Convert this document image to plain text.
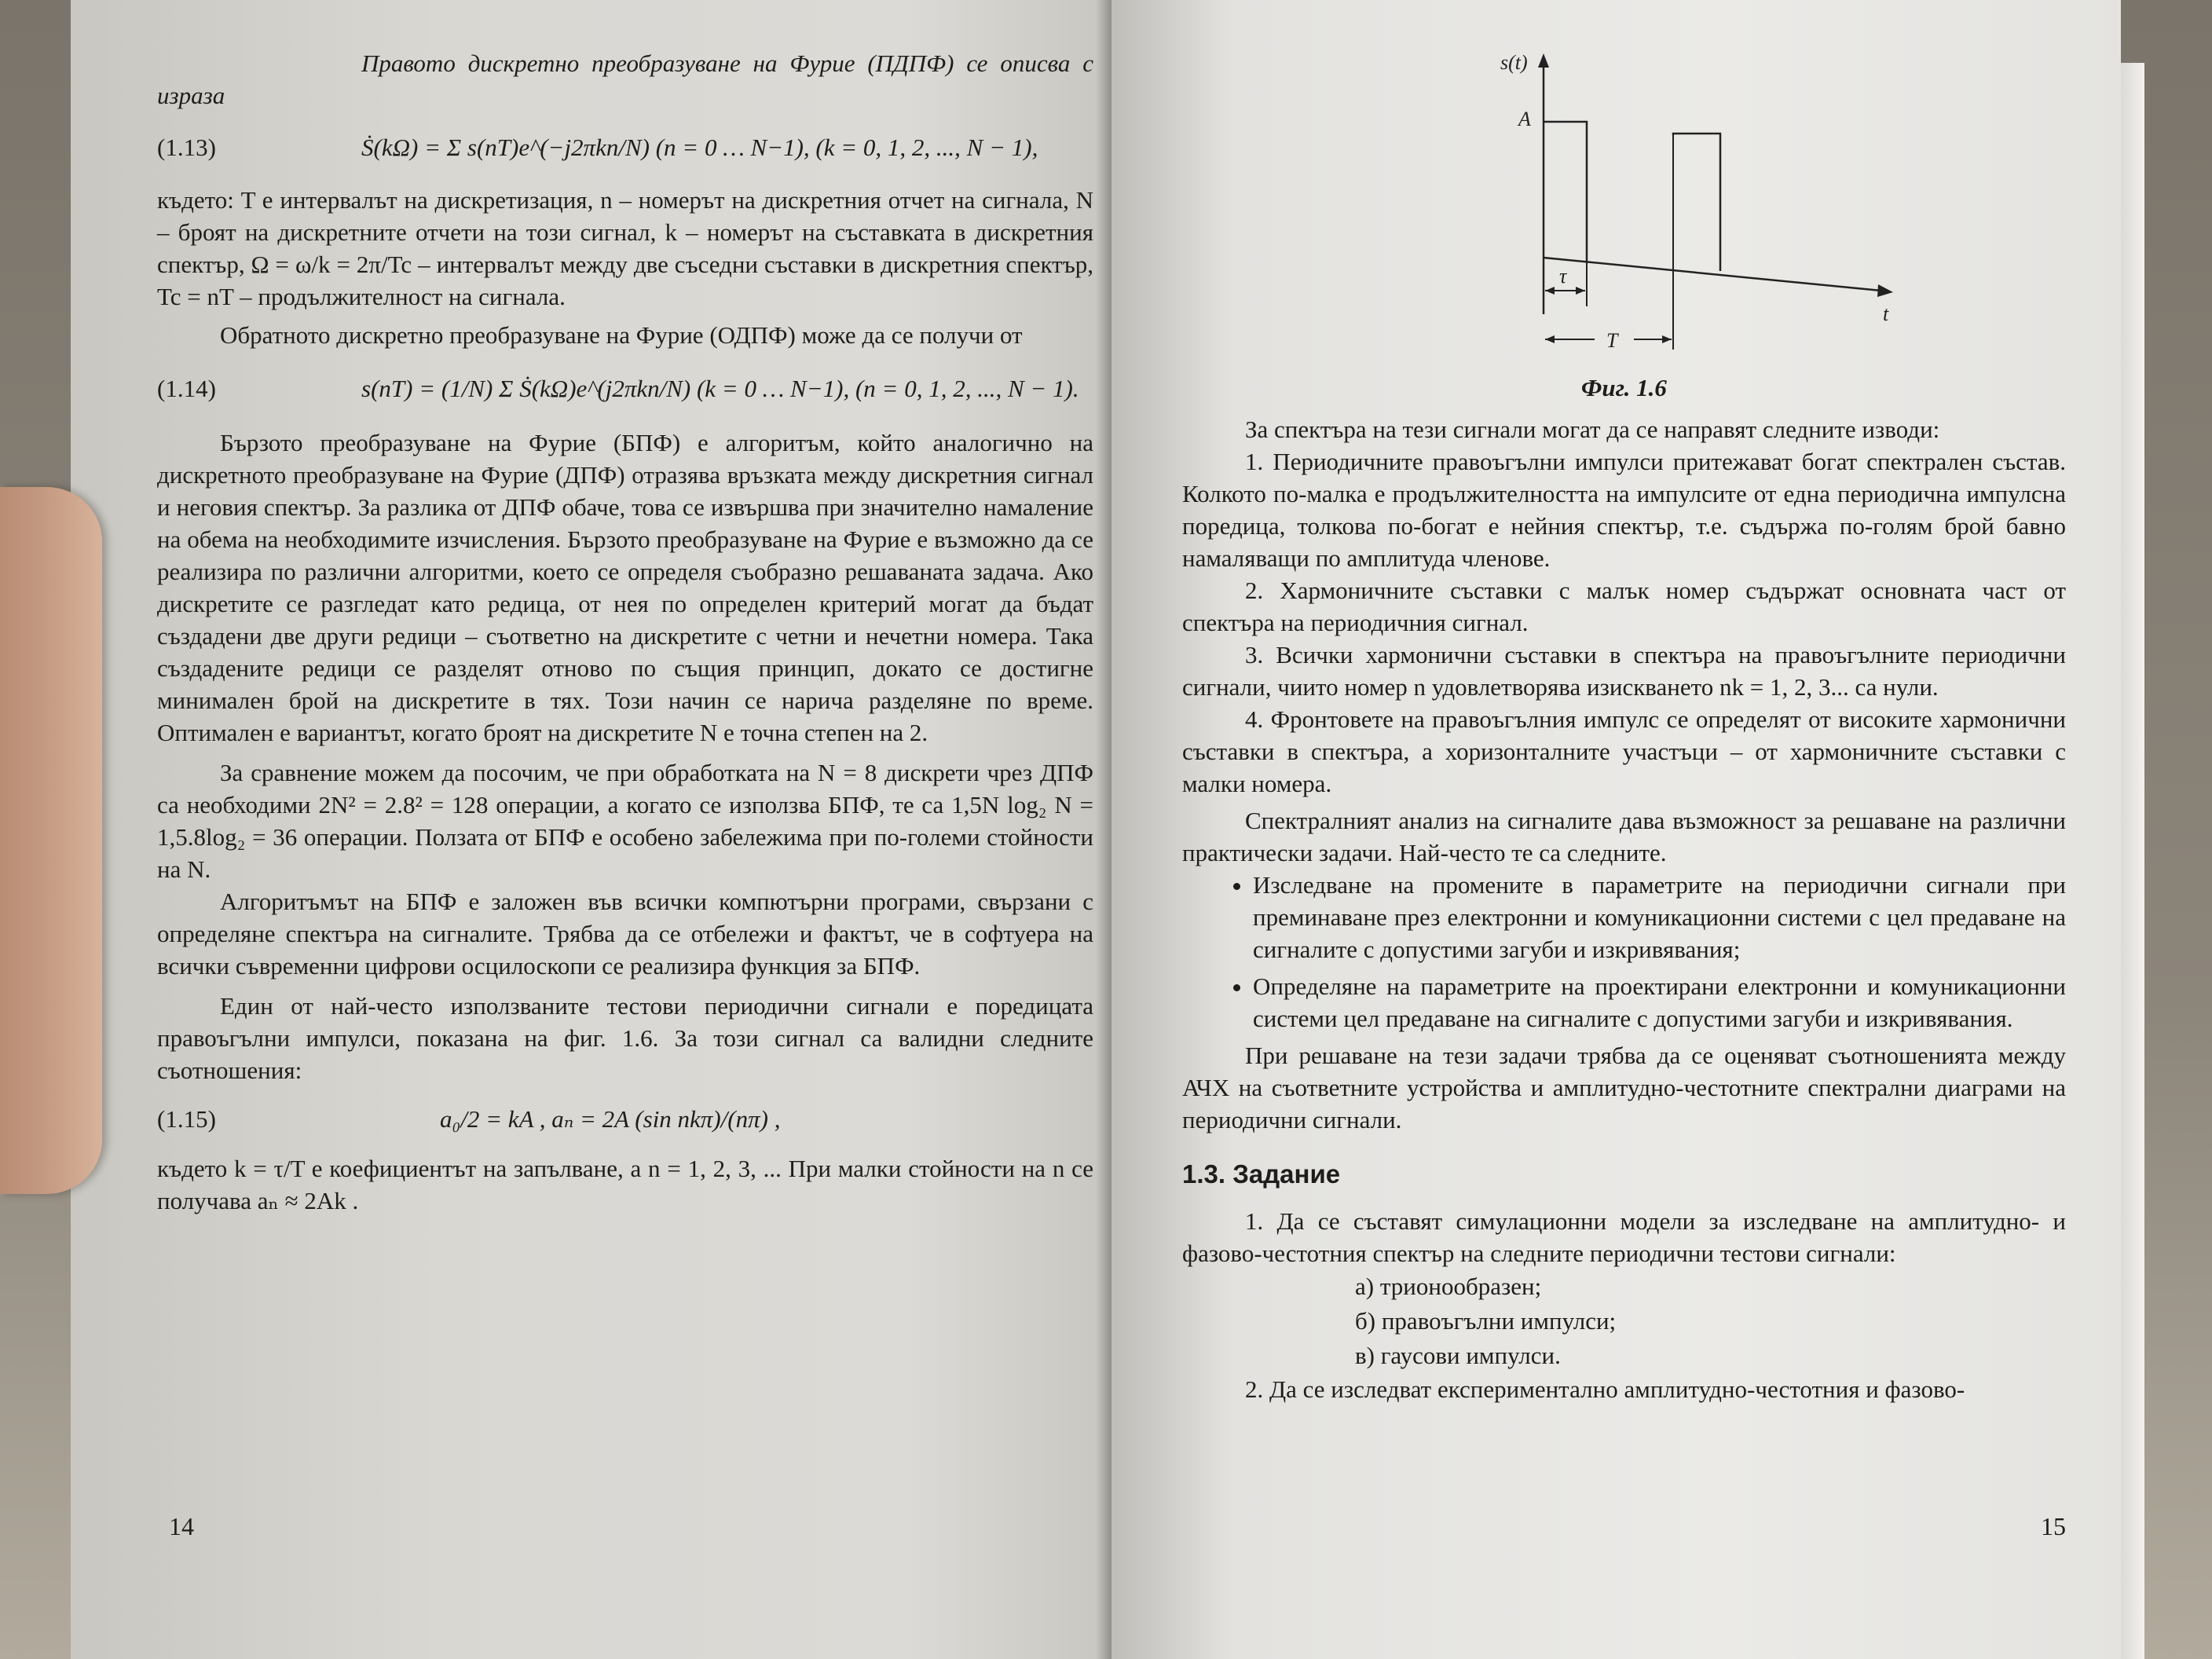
Правото дискретно преобразуване на Фурие (ПДПФ) се описва с израза

(1.13)	Ṡ(kΩ) = Σ s(nT)e^(−j2πkn/N) (n = 0 … N−1), (k = 0, 1, 2, ..., N − 1),

където: T е интервалът на дискретизация, n – номерът на дискретния отчет на сигнала, N – броят на дискретните отчети на този сигнал, k – номерът на съставката в дискретния спектър, Ω = ω/k = 2π/Tc – интервалът между две съседни съставки в дискретния спектър, Tc = nT – продължителност на сигнала.

Обратното дискретно преобразуване на Фурие (ОДПФ) може да се получи от

(1.14)	s(nT) = (1/N) Σ Ṡ(kΩ)e^(j2πkn/N) (k = 0 … N−1), (n = 0, 1, 2, ..., N − 1).

Бързото преобразуване на Фурие (БПФ) е алгоритъм, който аналогично на дискретното преобразуване на Фурие (ДПФ) отразява връзката между дискретния сигнал и неговия спектър. За разлика от ДПФ обаче, това се извършва при значително намаление на обема на необходимите изчисления. Бързото преобразуване на Фурие е възможно да се реализира по различни алгоритми, което се определя съобразно решаваната задача. Ако дискретите се разгледат като редица, от нея по определен критерий могат да бъдат създадени две други редици – съответно на дискретите с четни и нечетни номера. Така създадените редици се разделят отново по същия принцип, докато се достигне минимален брой на дискретите в тях. Този начин се нарича разделяне по време. Оптимален е вариантът, когато броят на дискретите N е точна степен на 2.

За сравнение можем да посочим, че при обработката на N = 8 дискрети чрез ДПФ са необходими 2N² = 2.8² = 128 операции, а когато се използва БПФ, те са 1,5N log₂ N = 1,5.8log₂ = 36 операции. Ползата от БПФ е особено забележима при по-големи стойности на N.

Алгоритъмът на БПФ е заложен във всички компютърни програми, свързани с определяне спектъра на сигналите. Трябва да се отбележи и фактът, че в софтуера на всички съвременни цифрови осцилоскопи се реализира функция за БПФ.

Един от най-често използваните тестови периодични сигнали е поредицата правоъгълни импулси, показана на фиг. 1.6. За този сигнал са валидни следните съотношения:

(1.15)	a₀/2 = kA , aₙ = 2A (sin nkπ)/(nπ) ,

където k = τ/T е коефициентът на запълване, а n = 1, 2, 3, ... При малки стойности на n се получава aₙ ≈ 2Ak .

14
s(t)
A
t
τ
T

Фиг. 1.6

За спектъра на тези сигнали могат да се направят следните изводи:

1. Периодичните правоъгълни импулси притежават богат спектрален състав. Колкото по-малка е продължителността на импулсите от една периодична импулсна поредица, толкова по-богат е нейния спектър, т.е. съдържа по-голям брой бавно намаляващи по амплитуда членове.

2. Хармоничните съставки с малък номер съдържат основната част от спектъра на периодичния сигнал.

3. Всички хармонични съставки в спектъра на правоъгълните периодични сигнали, чиито номер n удовлетворява изискването nk = 1, 2, 3... са нули.

4. Фронтовете на правоъгълния импулс се определят от високите хармонични съставки в спектъра, а хоризонталните участъци – от хармоничните съставки с малки номера.

Спектралният анализ на сигналите дава възможност за решаване на различни практически задачи. Най-често те са следните.

• Изследване на промените в параметрите на периодични сигнали при преминаване през електронни и комуникационни системи с цел предаване на сигналите с допустими загуби и изкривявания;
• Определяне на параметрите на проектирани електронни и комуникационни системи цел предаване на сигналите с допустими загуби и изкривявания.

При решаване на тези задачи трябва да се оценяват съотношенията между АЧХ на съответните устройства и амплитудно-честотните спектрални диаграми на периодични сигнали.

1.3. Задание

1. Да се съставят симулационни модели за изследване на амплитудно- и фазово-честотния спектър на следните периодични тестови сигнали:

а) трионообразен;

б) правоъгълни импулси;

в) гаусови импулси.

2. Да се изследват експериментално амплитудно-честотния и фазово-

15
